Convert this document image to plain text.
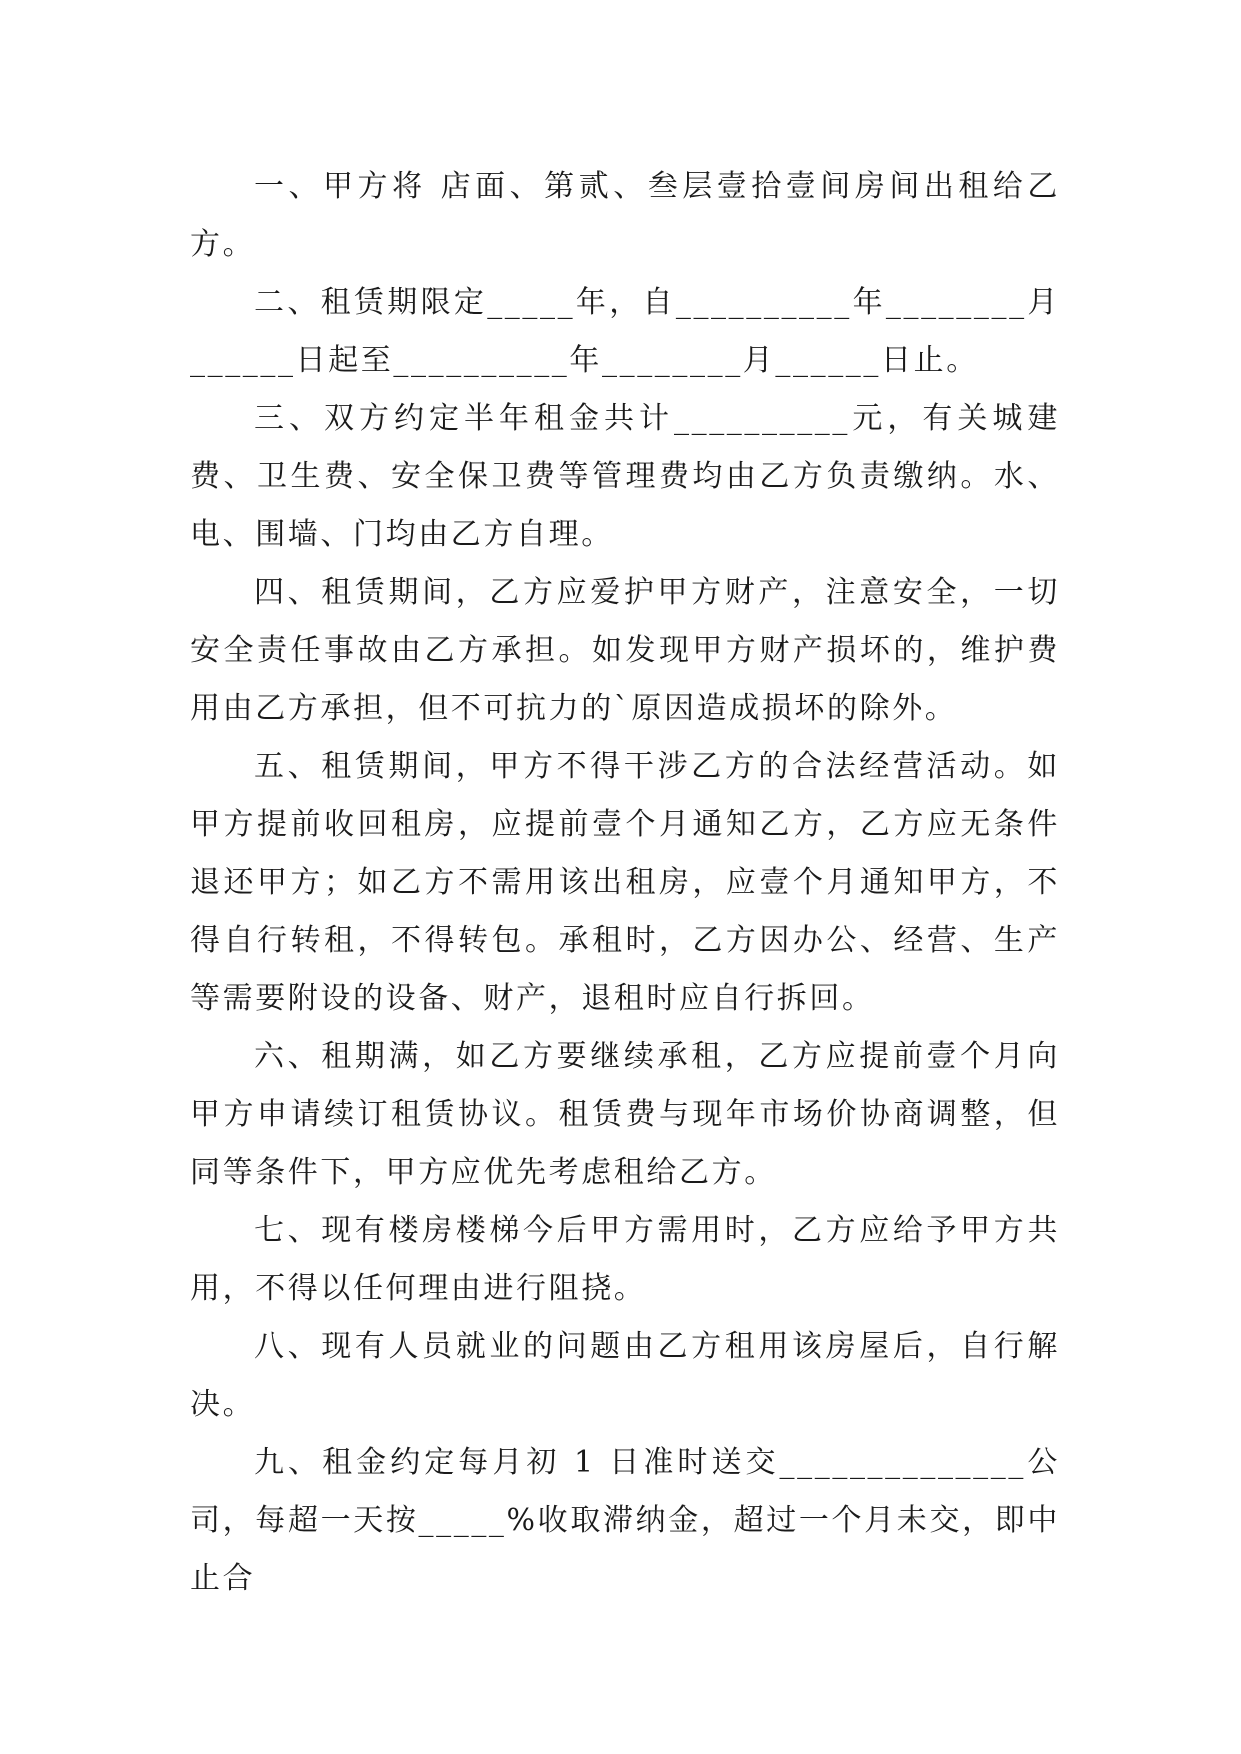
一、甲方将 店面、第贰、叁层壹拾壹间房间出租给乙方。

二、租赁期限定_____年，自__________年________月______日起至__________年________月______日止。

三、双方约定半年租金共计__________元，有关城建费、卫生费、安全保卫费等管理费均由乙方负责缴纳。水、电、围墙、门均由乙方自理。

四、租赁期间，乙方应爱护甲方财产，注意安全，一切安全责任事故由乙方承担。如发现甲方财产损坏的，维护费用由乙方承担，但不可抗力的`原因造成损坏的除外。

五、租赁期间，甲方不得干涉乙方的合法经营活动。如甲方提前收回租房，应提前壹个月通知乙方，乙方应无条件退还甲方；如乙方不需用该出租房，应壹个月通知甲方，不得自行转租，不得转包。承租时，乙方因办公、经营、生产等需要附设的设备、财产，退租时应自行拆回。

六、租期满，如乙方要继续承租，乙方应提前壹个月向甲方申请续订租赁协议。租赁费与现年市场价协商调整，但同等条件下，甲方应优先考虑租给乙方。

七、现有楼房楼梯今后甲方需用时，乙方应给予甲方共用，不得以任何理由进行阻挠。

八、现有人员就业的问题由乙方租用该房屋后，自行解决。

九、租金约定每月初 1 日准时送交______________公司，每超一天按_____%收取滞纳金，超过一个月未交，即中止合
